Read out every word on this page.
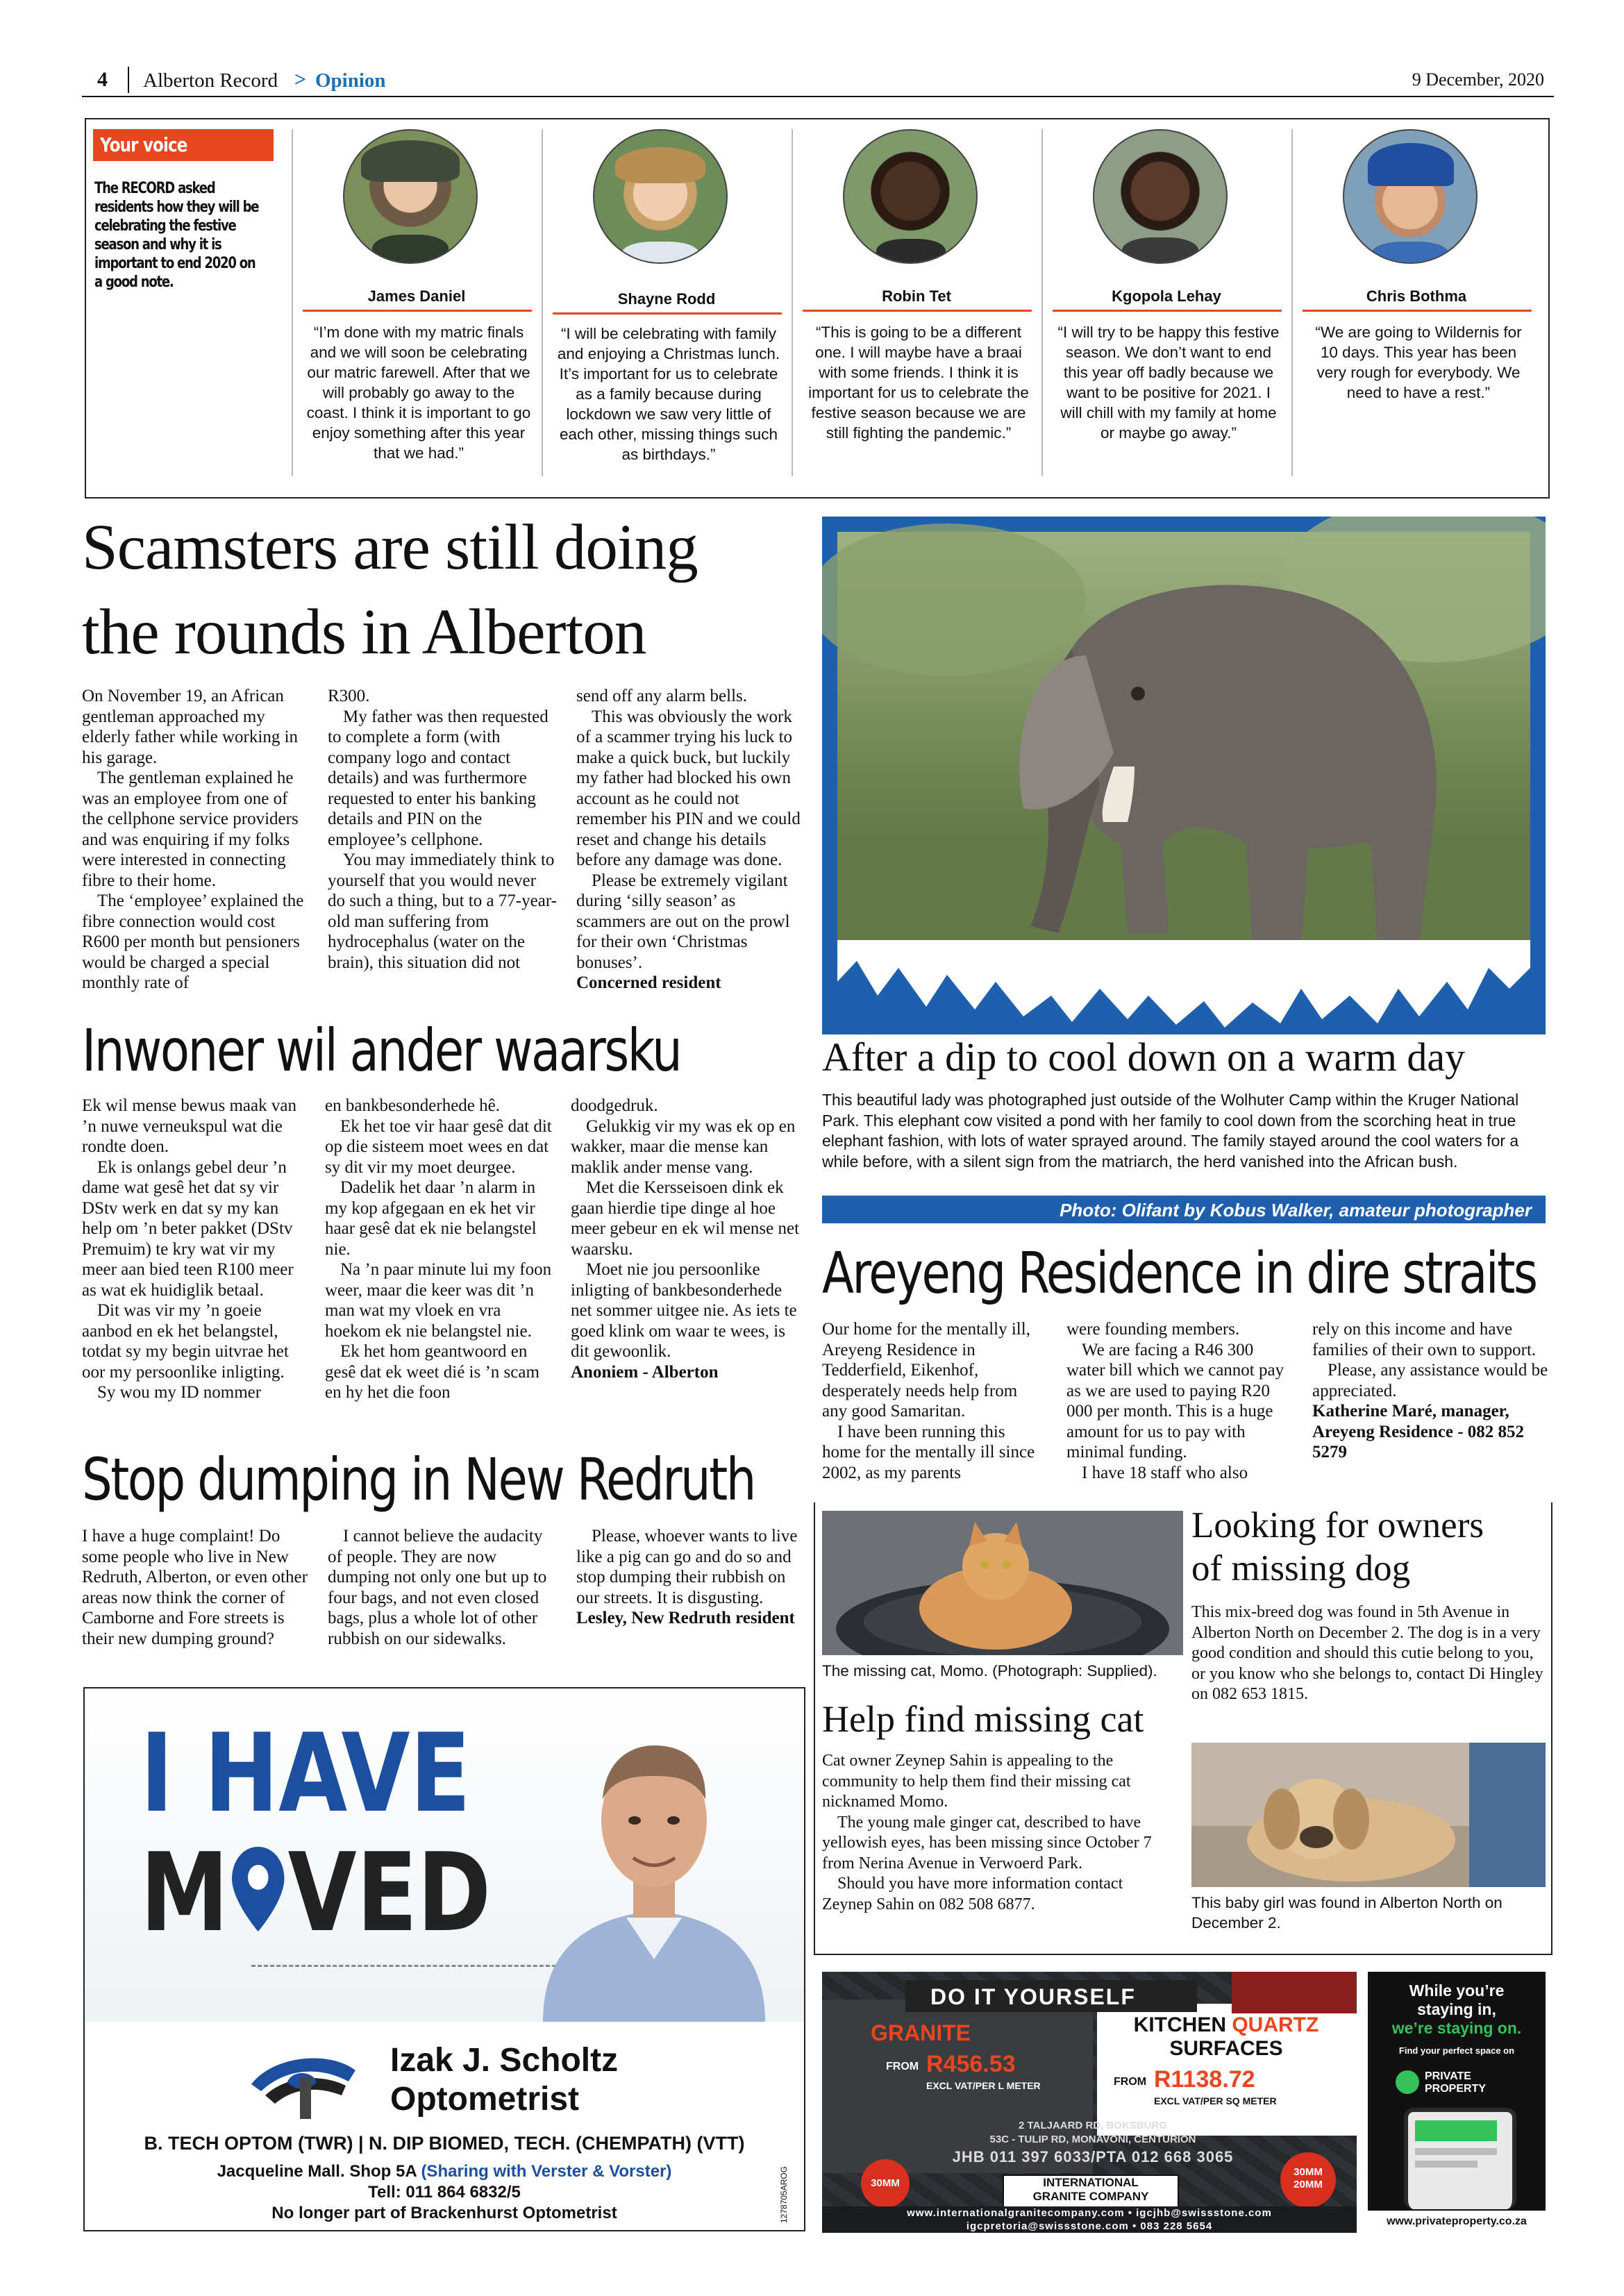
4 Alberton Record > Opinion	9 December, 2020
Your voice
The RECORD asked residents how they will be celebrating the festive season and why it is important to end 2020 on a good note.
James Daniel
“I’m done with my matric finals and we will soon be celebrating our matric farewell. After that we will probably go away to the coast. I think it is important to go enjoy something after this year that we had.”
Shayne Rodd
“I will be celebrating with family and enjoying a Christmas lunch. It’s important for us to celebrate as a family because during lockdown we saw very little of each other, missing things such as birthdays.”
Robin Tet
“This is going to be a different one. I will maybe have a braai with some friends. I think it is important for us to celebrate the festive season because we are still fighting the pandemic.”
Kgopola Lehay
“I will try to be happy this festive season. We don’t want to end this year off badly because we want to be positive for 2021. I will chill with my family at home or maybe go away.”
Chris Bothma
“We are going to Wildernis for 10 days. This year has been very rough for everybody. We need to have a rest.”
Scamsters are still doing
the rounds in Alberton

On November 19, an African gentleman approached my elderly father while working in his garage.

The gentleman explained he was an employee from one of the cellphone service providers and was enquiring if my folks were interested in connecting fibre to their home.

The ‘employee’ explained the fibre connection would cost R600 per month but pensioners would be charged a special monthly rate of

R300.

My father was then requested to complete a form (with company logo and contact details) and was furthermore requested to enter his banking details and PIN on the employee’s cellphone.

You may immediately think to yourself that you would never do such a thing, but to a 77-year-old man suffering from hydrocephalus (water on the brain), this situation did not

send off any alarm bells.

This was obviously the work of a scammer trying his luck to make a quick buck, but luckily my father had blocked his own account as he could not remember his PIN and we could reset and change his details before any damage was done.

Please be extremely vigilant during ‘silly season’ as scammers are out on the prowl for their own ‘Christmas bonuses’.

Concerned resident

Inwoner wil ander waarsku

Ek wil mense bewus maak van ’n nuwe verneukspul wat die rondte doen.

Ek is onlangs gebel deur ’n dame wat gesê het dat sy vir DStv werk en dat sy my kan help om ’n beter pakket (DStv Premuim) te kry wat vir my meer aan bied teen R100 meer as wat ek huidiglik betaal.

Dit was vir my ’n goeie aanbod en ek het belangstel, totdat sy my begin uitvrae het oor my persoonlike inligting.

Sy wou my ID nommer

en bankbesonderhede hê.

Ek het toe vir haar gesê dat dit op die sisteem moet wees en dat sy dit vir my moet deurgee.

Dadelik het daar ’n alarm in my kop afgegaan en ek het vir haar gesê dat ek nie belangstel nie.

Na ’n paar minute lui my foon weer, maar die keer was dit ’n man wat my vloek en vra hoekom ek nie belangstel nie.

Ek het hom geantwoord en gesê dat ek weet dié is ’n scam en hy het die foon

doodgedruk.

Gelukkig vir my was ek op en wakker, maar die mense kan maklik ander mense vang.

Met die Kersseisoen dink ek gaan hierdie tipe dinge al hoe meer gebeur en ek wil mense net waarsku.

Moet nie jou persoonlike inligting of bankbesonderhede net sommer uitgee nie. As iets te goed klink om waar te wees, is dit gewoonlik.

Anoniem - Alberton

Stop dumping in New Redruth

I have a huge complaint! Do some people who live in New Redruth, Alberton, or even other areas now think the corner of Camborne and Fore streets is their new dumping ground?

I cannot believe the audacity of people. They are now dumping not only one but up to four bags, and not even closed bags, plus a whole lot of other rubbish on our sidewalks.

Please, whoever wants to live like a pig can go and do so and stop dumping their rubbish on our streets. It is disgusting.

Lesley, New Redruth resident

After a dip to cool down on a warm day
This beautiful lady was photographed just outside of the Wolhuter Camp within the Kruger National Park. This elephant cow visited a pond with her family to cool down from the scorching heat in true elephant fashion, with lots of water sprayed around. The family stayed around the cool waters for a while before, with a silent sign from the matriarch, the herd vanished into the African bush.
Photo: Olifant by Kobus Walker, amateur photographer
Areyeng Residence in dire straits

Our home for the mentally ill, Areyeng Residence in Tedderfield, Eikenhof, desperately needs help from any good Samaritan.

I have been running this home for the mentally ill since 2002, as my parents

were founding members.

We are facing a R46 300 water bill which we cannot pay as we are used to paying R20 000 per month. This is a huge amount for us to pay with minimal funding.

I have 18 staff who also

rely on this income and have families of their own to support.

Please, any assistance would be appreciated.

Katherine Maré, manager, Areyeng Residence - 082 852 5279

The missing cat, Momo. (Photograph: Supplied).
Help find missing cat

Cat owner Zeynep Sahin is appealing to the community to help them find their missing cat nicknamed Momo.

The young male ginger cat, described to have yellowish eyes, has been missing since October 7 from Nerina Avenue in Verwoerd Park.

Should you have more information contact Zeynep Sahin on 082 508 6877.

Looking for owners
of missing dog
This mix-breed dog was found in 5th Avenue in Alberton North on December 2. The dog is in a very good condition and should this cutie belong to you, or you know who she belongs to, contact Di Hingley on 082 653 1815.
This baby girl was found in Alberton North on December 2.
I HAVE
M VED
Izak J. Scholtz
Optometrist
B. TECH OPTOM (TWR) | N. DIP BIOMED, TECH. (CHEMPATH) (VTT)
Jacqueline Mall. Shop 5A (Sharing with Verster & Vorster)
Tell: 011 864 6832/5
No longer part of Brackenhurst Optometrist	1278705AROG
DO IT YOURSELF
GRANITE
FROM R456.53
EXCL VAT/PER L METER
KITCHEN QUARTZ
SURFACES
FROM R1138.72
EXCL VAT/PER SQ METER
2 TALJAARD RD, BOKSBURG
53C - TULIP RD, MONAVONI, CENTURION
JHB 011 397 6033/PTA 012 668 3065
30MM
30MM
20MM
INTERNATIONAL
GRANITE COMPANY
www.internationalgranitecompany.com • igcjhb@swissstone.com
igcpretoria@swissstone.com • 083 228 5654
While you’re
staying in,
we’re staying on.
Find your perfect space on
PRIVATE
PROPERTY
www.privateproperty.co.za
